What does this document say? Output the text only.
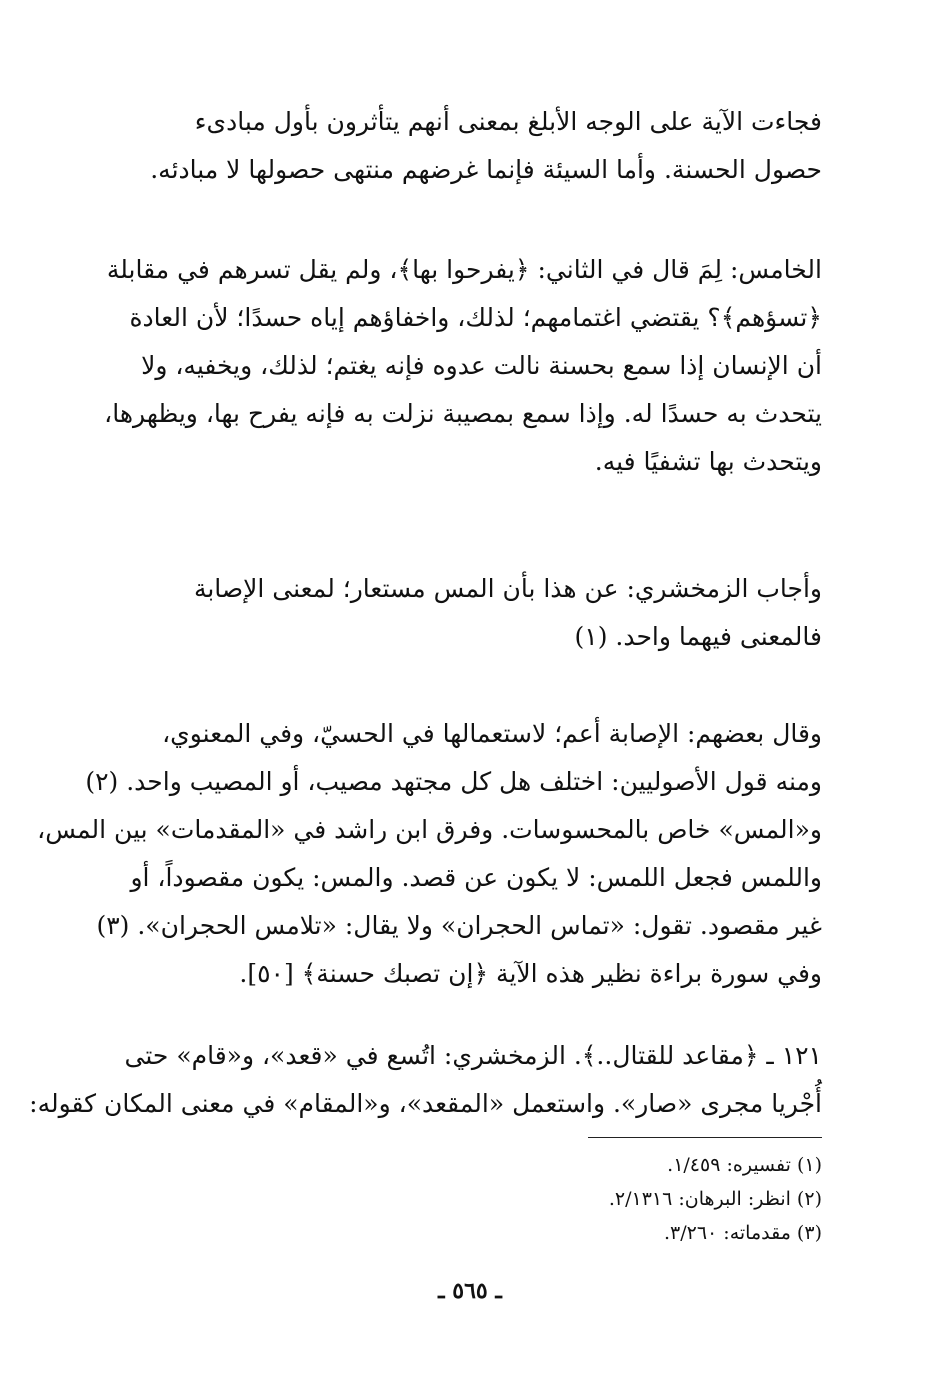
فجاءت الآية على الوجه الأبلغ بمعنى أنهم يتأثرون بأول مبادىء
حصول الحسنة. وأما السيئة فإنما غرضهم منتهى حصولها لا مبادئه.
الخامس: لِمَ قال في الثاني: ﴿يفرحوا بها﴾، ولم يقل تسرهم في مقابلة
﴿تسؤهم﴾؟ يقتضي اغتمامهم؛ لذلك، واخفاؤهم إياه حسدًا؛ لأن العادة
أن الإنسان إذا سمع بحسنة نالت عدوه فإنه يغتم؛ لذلك، ويخفيه، ولا
يتحدث به حسدًا له. وإذا سمع بمصيبة نزلت به فإنه يفرح بها، ويظهرها،
ويتحدث بها تشفيًا فيه.
وأجاب الزمخشري: عن هذا بأن المس مستعار؛ لمعنى الإصابة
فالمعنى فيهما واحد. (١)
وقال بعضهم: الإصابة أعم؛ لاستعمالها في الحسيّ، وفي المعنوي،
ومنه قول الأصوليين: اختلف هل كل مجتهد مصيب، أو المصيب واحد. (٢)
و«المس» خاص بالمحسوسات. وفرق ابن راشد في «المقدمات» بين المس،
واللمس فجعل اللمس: لا يكون عن قصد. والمس: يكون مقصوداً، أو
غير مقصود. تقول: «تماس الحجران» ولا يقال: «تلامس الحجران». (٣)
وفي سورة براءة نظير هذه الآية ﴿إن تصبك حسنة﴾ [٥٠].
١٢١ ـ ﴿مقاعد للقتال..﴾. الزمخشري: اتُسع في «قعد»، و«قام» حتى
أُجْريا مجرى «صار». واستعمل «المقعد»، و«المقام» في معنى المكان كقوله:
(١) تفسيره: ١/٤٥٩.
(٢) انظر: البرهان: ٢/١٣١٦.
(٣) مقدماته: ٣/٢٦٠.
ـ ٥٦٥ ـ
